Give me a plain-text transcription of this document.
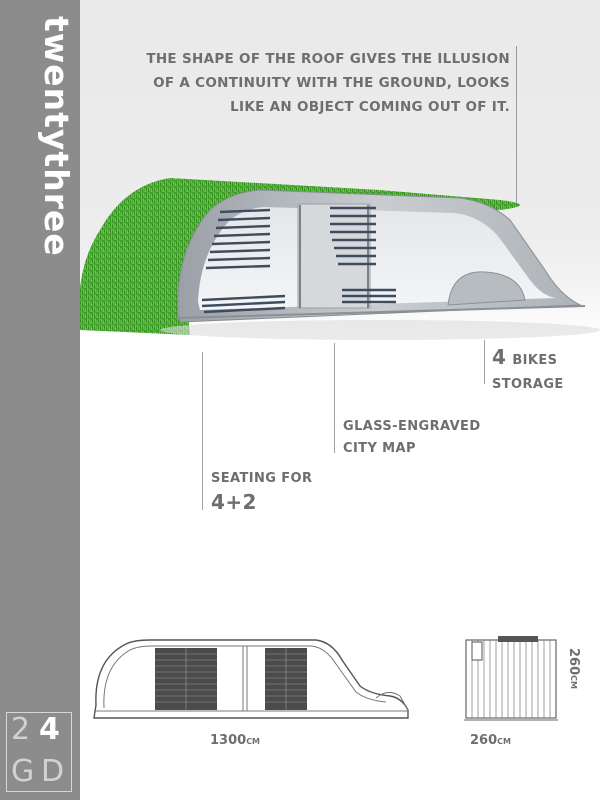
twentythree
2 4
G D
THE SHAPE OF THE ROOF GIVES THE ILLUSION
OF A CONTINUITY WITH THE GROUND, LOOKS
LIKE AN OBJECT COMING OUT OF IT.
4 BIKES
STORAGE
GLASS-ENGRAVED
CITY MAP
SEATING FOR
4+2
1300CM	260CM
260CM
